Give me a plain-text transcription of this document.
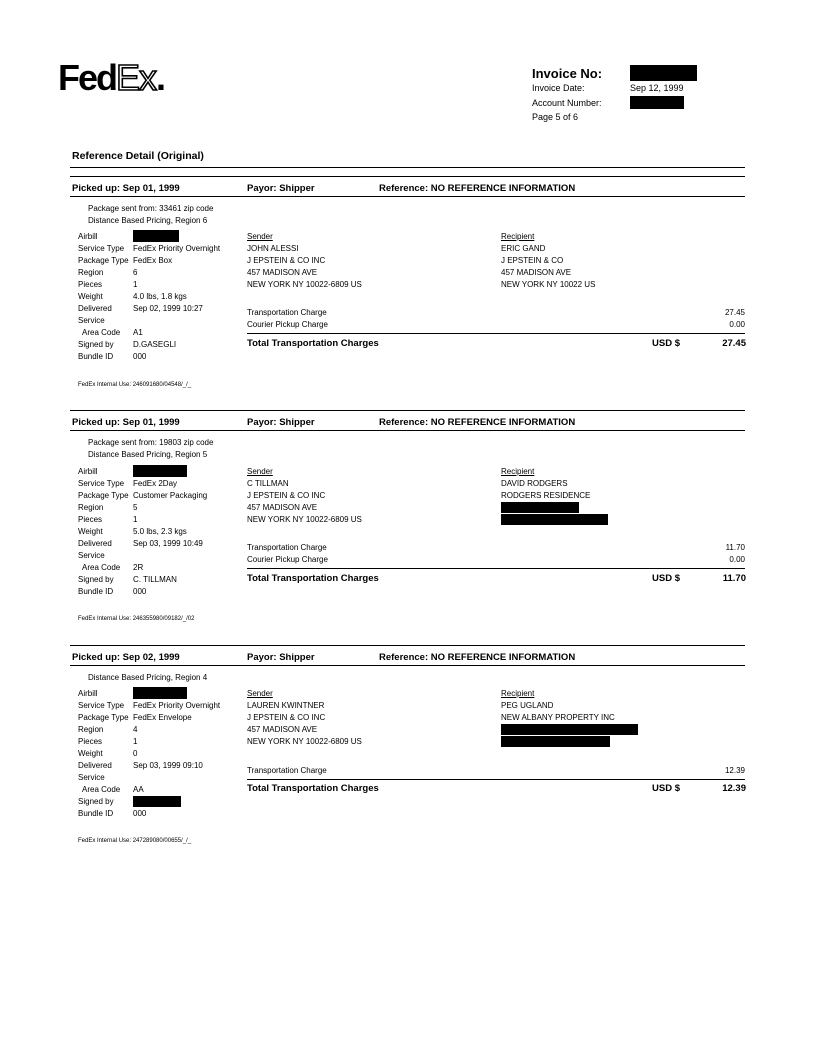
FedEx.	Invoice No:
Invoice Date:	Sep 12, 1999
Account Number:
Page 5 of 6
Reference Detail (Original)
Picked up: Sep 01, 1999	Payor: Shipper	Reference: NO REFERENCE INFORMATION
Package sent from: 33461 zip code
Distance Based Pricing, Region 6
Airbill
Service Type FedEx Priority Overnight
Package Type FedEx Box
Region	6
Pieces	1
Weight	4.0 lbs, 1.8 kgs
Delivered	Sep 02, 1999 10:27
Service
Area Code A1
Signed by D.GASEGLI
Bundle ID 000
Sender
JOHN ALESSI
J EPSTEIN & CO INC
457 MADISON AVE
NEW YORK NY 10022-6809 US
Recipient
ERIC GAND
J EPSTEIN & CO
457 MADISON AVE
NEW YORK NY 10022 US
Transportation Charge	27.45
Courier Pickup Charge	0.00
Total Transportation Charges	USD $	27.45
FedEx Internal Use: 246091680/04548/_/_
Picked up: Sep 01, 1999	Payor: Shipper	Reference: NO REFERENCE INFORMATION
Package sent from: 19803 zip code
Distance Based Pricing, Region 5
Airbill
Service Type FedEx 2Day
Package Type Customer Packaging
Region	5
Pieces	1
Weight	5.0 lbs, 2.3 kgs
Delivered	Sep 03, 1999 10:49
Service
Area Code 2R
Signed by C. TILLMAN
Bundle ID 000
Sender
C TILLMAN
J EPSTEIN & CO INC
457 MADISON AVE
NEW YORK NY 10022-6809 US
Recipient
DAVID RODGERS
RODGERS RESIDENCE
Transportation Charge	11.70
Courier Pickup Charge	0.00
Total Transportation Charges	USD $	11.70
FedEx Internal Use: 246355980/09182/_/02
Picked up: Sep 02, 1999	Payor: Shipper	Reference: NO REFERENCE INFORMATION
Distance Based Pricing, Region 4
Airbill
Service Type FedEx Priority Overnight
Package Type FedEx Envelope
Region	4
Pieces	1
Weight	0
Delivered	Sep 03, 1999 09:10
Service
Area Code AA
Signed by
Bundle ID 000
Sender
LAUREN KWINTNER
J EPSTEIN & CO INC
457 MADISON AVE
NEW YORK NY 10022-6809 US
Recipient
PEG UGLAND
NEW ALBANY PROPERTY INC
Transportation Charge	12.39
Total Transportation Charges	USD $	12.39
FedEx Internal Use: 247289080/00655/_/_
